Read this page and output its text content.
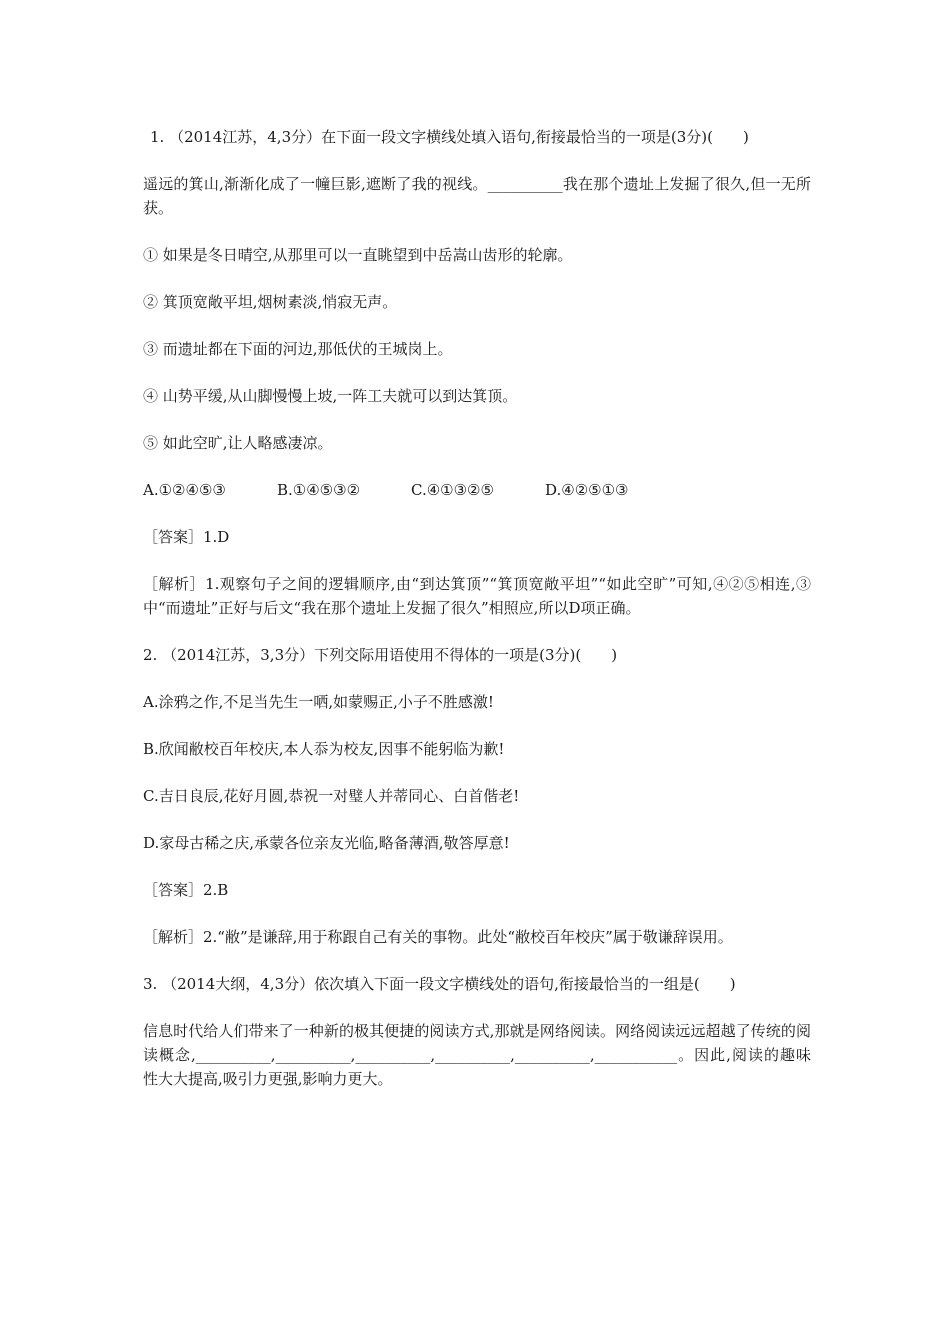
1. （2014江苏，4,3分）在下面一段文字横线处填入语句,衔接最恰当的一项是(3分)(　　)

遥远的箕山,渐渐化成了一幢巨影,遮断了我的视线。__________我在那个遗址上发掘了很久,但一无所获。

① 如果是冬日晴空,从那里可以一直眺望到中岳嵩山齿形的轮廓。

② 箕顶宽敞平坦,烟树素淡,悄寂无声。

③ 而遗址都在下面的河边,那低伏的王城岗上。

④ 山势平缓,从山脚慢慢上坡,一阵工夫就可以到达箕顶。

⑤ 如此空旷,让人略感凄凉。

A.①②④⑤③	B.①④⑤③②	C.④①③②⑤	D.④②⑤①③

［答案］1.D

［解析］1.观察句子之间的逻辑顺序,由“到达箕顶”“箕顶宽敞平坦”“如此空旷”可知,④②⑤相连,③中“而遗址”正好与后文“我在那个遗址上发掘了很久”相照应,所以D项正确。

2. （2014江苏，3,3分）下列交际用语使用不得体的一项是(3分)(　　)

A.涂鸦之作,不足当先生一哂,如蒙赐正,小子不胜感激!

B.欣闻敝校百年校庆,本人忝为校友,因事不能躬临为歉!

C.吉日良辰,花好月圆,恭祝一对璧人并蒂同心、白首偕老!

D.家母古稀之庆,承蒙各位亲友光临,略备薄酒,敬答厚意!

［答案］2.B

［解析］2.“敝”是谦辞,用于称跟自己有关的事物。此处“敝校百年校庆”属于敬谦辞误用。

3. （2014大纲，4,3分）依次填入下面一段文字横线处的语句,衔接最恰当的一组是(　　)

信息时代给人们带来了一种新的极其便捷的阅读方式,那就是网络阅读。网络阅读远远超越了传统的阅读概念,__________,__________,__________,__________,__________,___________。因此,阅读的趣味性大大提高,吸引力更强,影响力更大。
